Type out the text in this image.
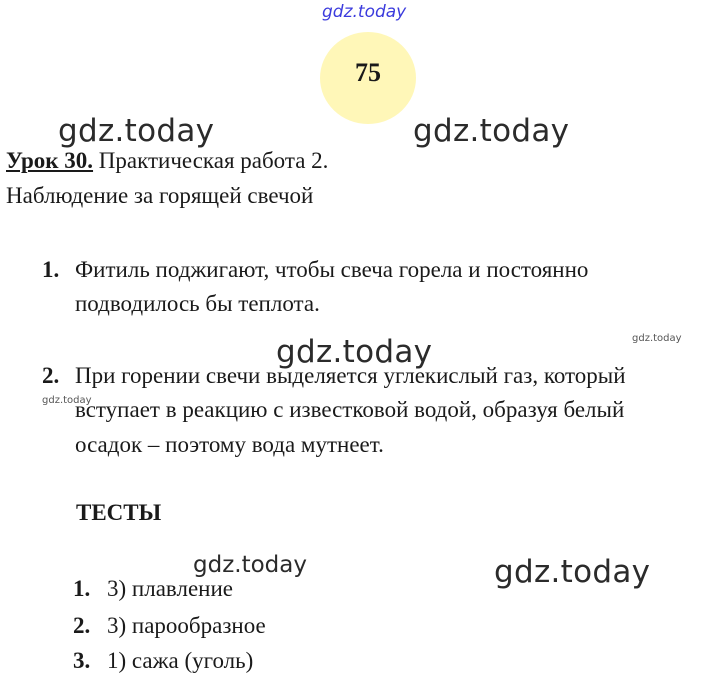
gdz.today
gdz.today	gdz.today
gdz.today
gdz.today
gdz.today
gdz.today	gdz.today
75
Урок 30. Практическая работа 2.
Наблюдение за горящей свечой
1. Фитиль поджигают, чтобы свеча горела и постоянно
подводилось бы теплота.
2. При горении свечи выделяется углекислый газ, который
вступает в реакцию с известковой водой, образуя белый
осадок – поэтому вода мутнеет.
ТЕСТЫ
1. 3) плавление
2. 3) парообразное
3. 1) сажа (уголь)
